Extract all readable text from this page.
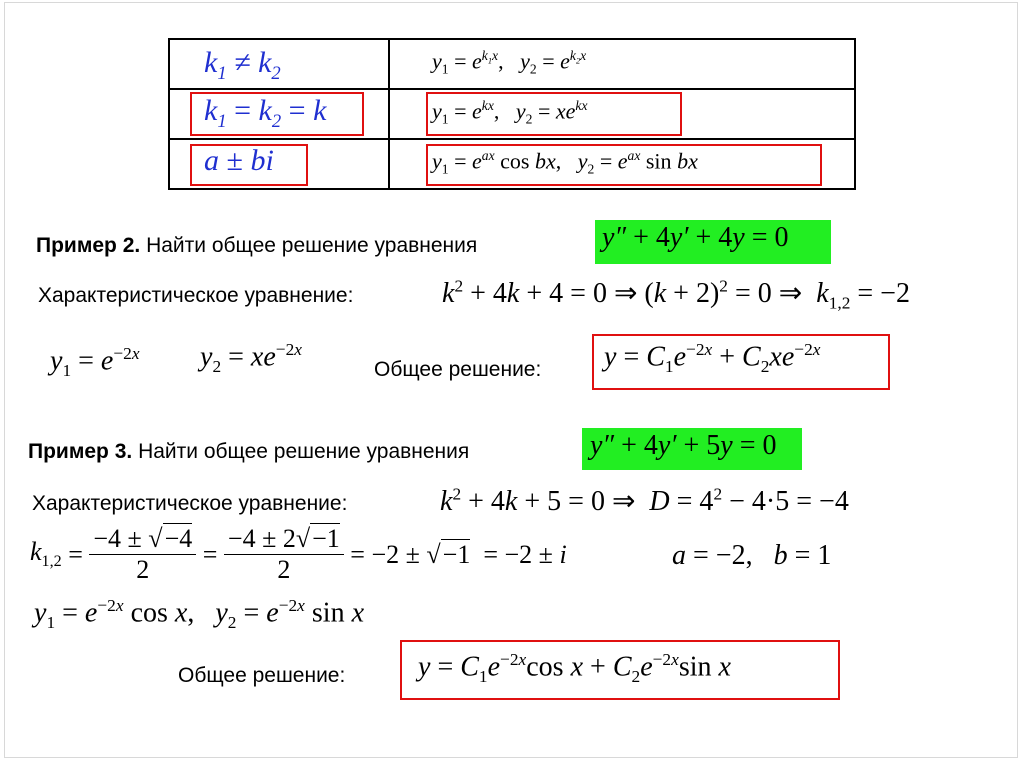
$k_1 \ne k_2$	$y_1 = e^{k_1x}$,   $y_2 = e^{k_2x}$

$k_1 = k_2 = k$	$y_1 = e^{kx}$,   $y_2 = xe^{kx}$

a ± bi	$y_1 = e^{ax}$ cos bx,   $y_2 = e^{ax}$ sin bx
Пример 2. Найти общее решение уравнения	y″ + 4y′ + 4y = 0
Характеристическое уравнение:	$k^2 + 4k + 4 = 0$ ⇒ $(k + 2)^2 = 0$ ⇒  $k_{1,2} = -2$
$y_1 = e^{-2x}$ $y_2 = xe^{-2x}$
Общее решение: $y = C_1e^{-2x} + C_2xe^{-2x}$
Пример 3. Найти общее решение уравнения	y″ + 4y′ + 5y = 0
Характеристическое уравнение:	$k^2 + 4k + 5 = 0$ ⇒  $D = 4^2 - 4\cdot 5 = -4$
$k_{1,2} = \frac{-4 \pm √-4}{2} = \frac{-4 \pm 2√-1}{2} = -2 \pm √-1 = -2 \pm i$	a = −2,   b = 1
$y_1 = e^{-2x}$ cos x,   $y_2 = e^{-2x}$ sin x
Общее решение:	$y = C_1e^{-2x}\cos$ $x + C_2e^{-2x}\sin$ x
